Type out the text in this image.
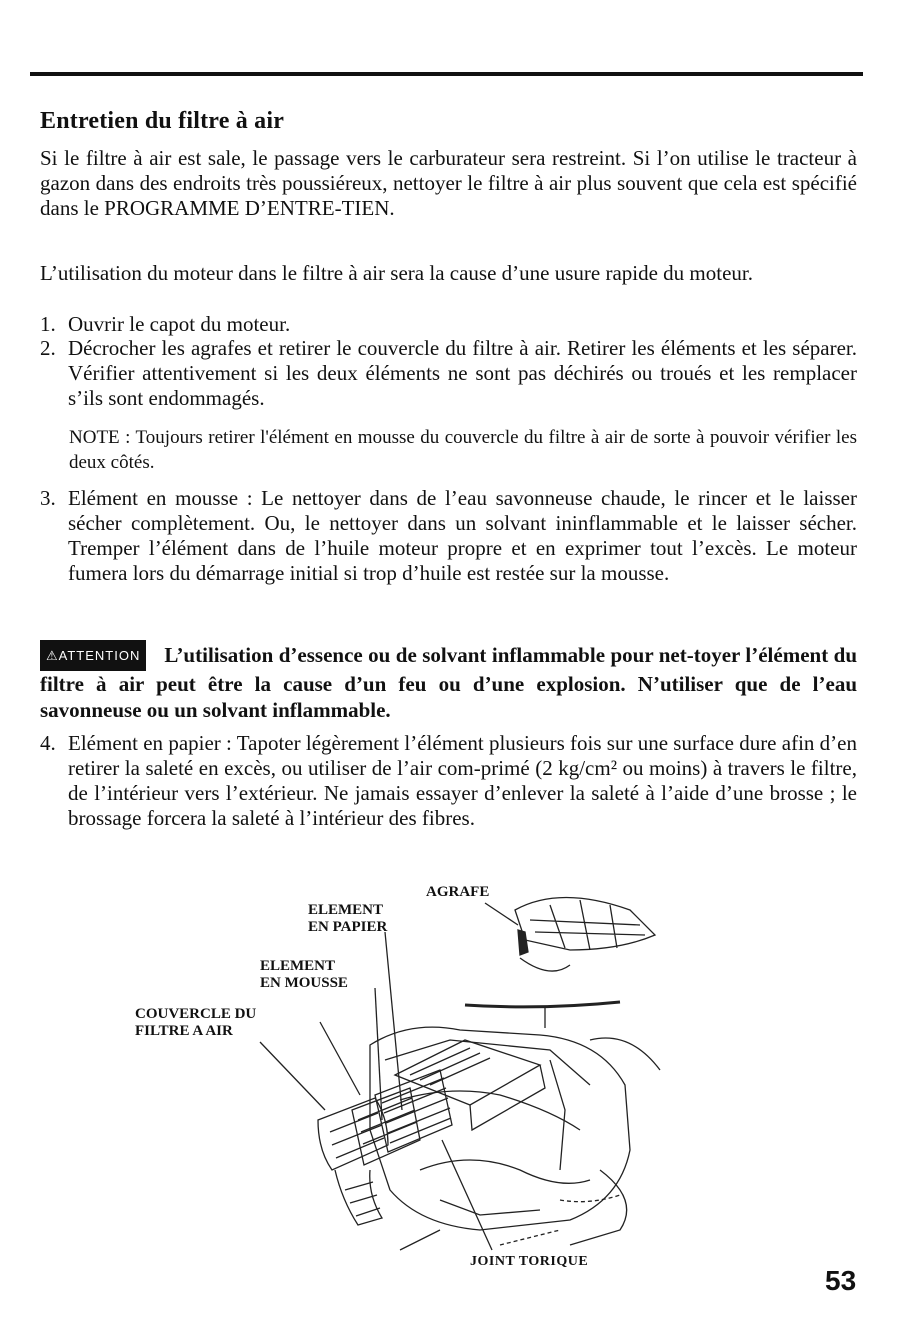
Entretien du filtre à air

Si le filtre à air est sale, le passage vers le carburateur sera restreint. Si l’on utilise le tracteur à gazon dans des endroits très poussiéreux, nettoyer le filtre à air plus souvent que cela est spécifié dans le PROGRAMME D’ENTRE-TIEN.

L’utilisation du moteur dans le filtre à air sera la cause d’une usure rapide du moteur.

1. Ouvrir le capot du moteur.
2. Décrocher les agrafes et retirer le couvercle du filtre à air. Retirer les éléments et les séparer. Vérifier attentivement si les deux éléments ne sont pas déchirés ou troués et les remplacer s’ils sont endommagés.
NOTE : Toujours retirer l'élément en mousse du couvercle du filtre à air de sorte à pouvoir vérifier les deux côtés.
3. Elément en mousse : Le nettoyer dans de l’eau savonneuse chaude, le rincer et le laisser sécher complètement. Ou, le nettoyer dans un solvant ininflammable et le laisser sécher. Tremper l’élément dans de l’huile moteur propre et en exprimer tout l’excès. Le moteur fumera lors du démarrage initial si trop d’huile est restée sur la mousse.
⚠ATTENTION L’utilisation d’essence ou de solvant inflammable pour net-toyer l’élément du filtre à air peut être la cause d’un feu ou d’une explosion. N’utiliser que de l’eau savonneuse ou un solvant inflammable.
4. Elément en papier : Tapoter légèrement l’élément plusieurs fois sur une surface dure afin d’en retirer la saleté en excès, ou utiliser de l’air com-primé (2 kg/cm² ou moins) à travers le filtre, de l’intérieur vers l’extérieur. Ne jamais essayer d’enlever la saleté à l’aide d’une brosse ; le brossage forcera la saleté à l’intérieur des fibres.
AGRAFE
ELEMENT
EN PAPIER
ELEMENT
EN MOUSSE
COUVERCLE DU
FILTRE A AIR
JOINT TORIQUE
53
